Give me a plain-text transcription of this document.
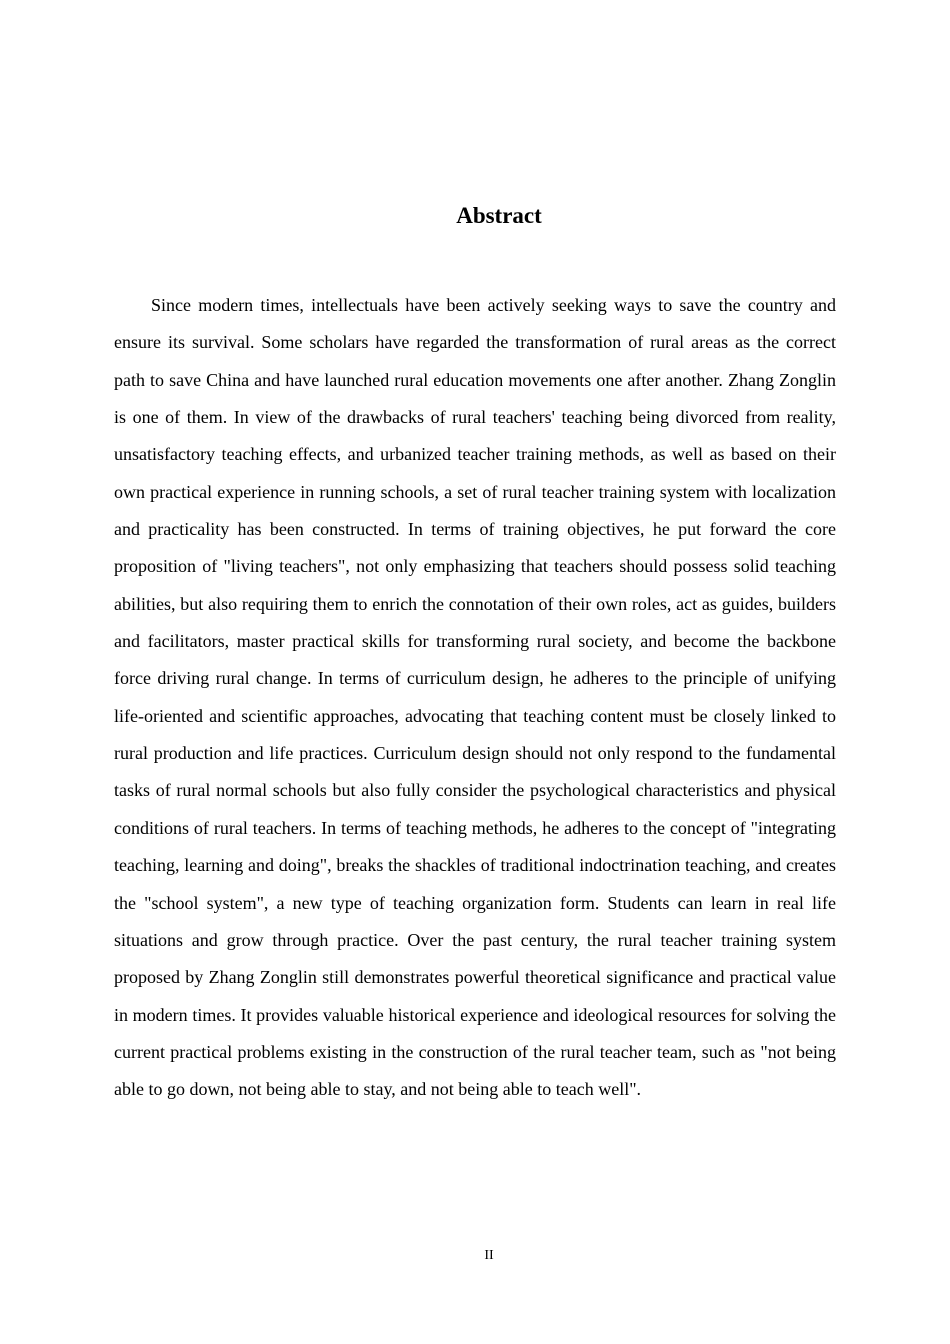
Abstract

Since modern times, intellectuals have been actively seeking ways to save the country and ensure its survival. Some scholars have regarded the transformation of rural areas as the correct path to save China and have launched rural education movements one after another. Zhang Zonglin is one of them. In view of the drawbacks of rural teachers' teaching being divorced from reality, unsatisfactory teaching effects, and urbanized teacher training methods, as well as based on their own practical experience in running schools, a set of rural teacher training system with localization and practicality has been constructed. In terms of training objectives, he put forward the core proposition of "living teachers", not only emphasizing that teachers should possess solid teaching abilities, but also requiring them to enrich the connotation of their own roles, act as guides, builders and facilitators, master practical skills for transforming rural society, and become the backbone force driving rural change. In terms of curriculum design, he adheres to the principle of unifying life-oriented and scientific approaches, advocating that teaching content must be closely linked to rural production and life practices. Curriculum design should not only respond to the fundamental tasks of rural normal schools but also fully consider the psychological characteristics and physical conditions of rural teachers. In terms of teaching methods, he adheres to the concept of "integrating teaching, learning and doing", breaks the shackles of traditional indoctrination teaching, and creates the "school system", a new type of teaching organization form. Students can learn in real life situations and grow through practice. Over the past century, the rural teacher training system proposed by Zhang Zonglin still demonstrates powerful theoretical significance and practical value in modern times. It provides valuable historical experience and ideological resources for solving the current practical problems existing in the construction of the rural teacher team, such as "not being able to go down, not being able to stay, and not being able to teach well".

II
